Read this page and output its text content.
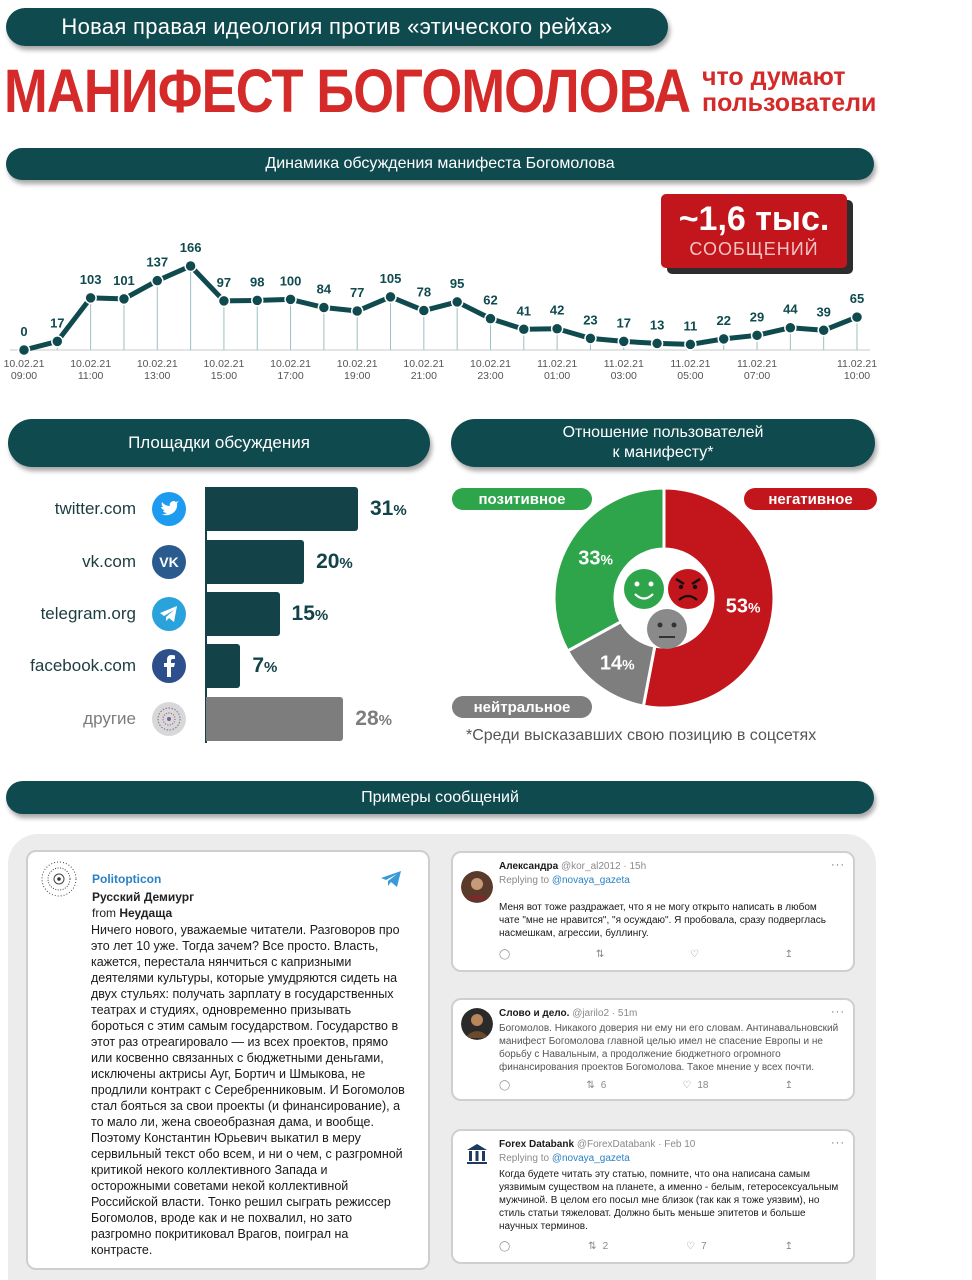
Новая правая идеология против «этического рейха»
МАНИФЕСТ БОГОМОЛОВА что думают
пользователи
Динамика обсуждения манифеста Богомолова
0
17
103 101
137
166
97 98 100
84 77
105
78
95
62
41 42
23 17 13 11 22 29
44 39
65
10.02.21 09:00
10.02.21 11:00
10.02.21 13:00
10.02.21 15:00
10.02.21 17:00
10.02.21 19:00
10.02.21 21:00
10.02.21 23:00
11.02.21 01:00
11.02.21 03:00
11.02.21 05:00
11.02.21 07:00
11.02.21 10:00
~1,6 тыс.
СООБЩЕНИЙ
Площадки обсуждения
twitter.com	31%
vk.com VK	20%
telegram.org	15%
facebook.com	7%
другие	28%
Отношение пользователей
к манифесту*
позитивное	негативное
нейтральное
53%
14%
33%
*Среди высказавших свою позицию в соцсетях
Примеры сообщений
Politopticon
Русский Демиург
from Неудаща
Ничего нового, уважаемые читатели. Разговоров про это лет 10 уже. Тогда зачем? Все просто. Власть, кажется, перестала нянчиться с капризными деятелями культуры, которые умудряются сидеть на двух стульях: получать зарплату в государственных театрах и студиях, одновременно призывать бороться с этим самым государством. Государство в этот раз отреагировало — из всех проектов, прямо или косвенно связанных с бюджетными деньгами, исключены актрисы Ауг, Бортич и Шмыкова, не продлили контракт с Серебренниковым. И Богомолов стал бояться за свои проекты (и финансирование), а то мало ли, жена своеобразная дама, и вообще. Поэтому Константин Юрьевич выкатил в меру сервильный текст обо всем, и ни о чем, с разгромной критикой некого коллективного Запада и осторожными советами некой коллективной Российской власти. Тонко решил сыграть режиссер Богомолов, вроде как и не похвалил, но зато разгромно покритиковал Врагов, поиграл на контрасте.
Александра @kor_al2012 · 15h	···
Replying to @novaya_gazeta
Меня вот тоже раздражает, что я не могу открыто написать в любом чате "мне не нравится", "я осуждаю". Я пробовала, сразу подверглась насмешкам, агрессии, буллингу.
◯	⇅	♡	↥
Слово и дело. @jarilo2 · 51m	···
Богомолов. Никакого доверия ни ему ни его словам. Антинавальновский манифест Богомолова главной целью имел не спасение Европы и не борьбу с Навальным, а продолжение бюджетного огромного финансирования проектов Богомолова. Такое мнение у всех почти.
◯	⇅ 6	♡ 18	↥
Forex Databank @ForexDatabank · Feb 10	···
Replying to @novaya_gazeta
Когда будете читать эту статью, помните, что она написана самым уязвимым существом на планете, а именно - белым, гетеросексуальным мужчиной. В целом его посыл мне близок (так как я тоже уязвим), но стиль статьи тяжеловат. Должно быть меньше эпитетов и больше научных терминов.
◯	⇅ 2	♡ 7	↥
